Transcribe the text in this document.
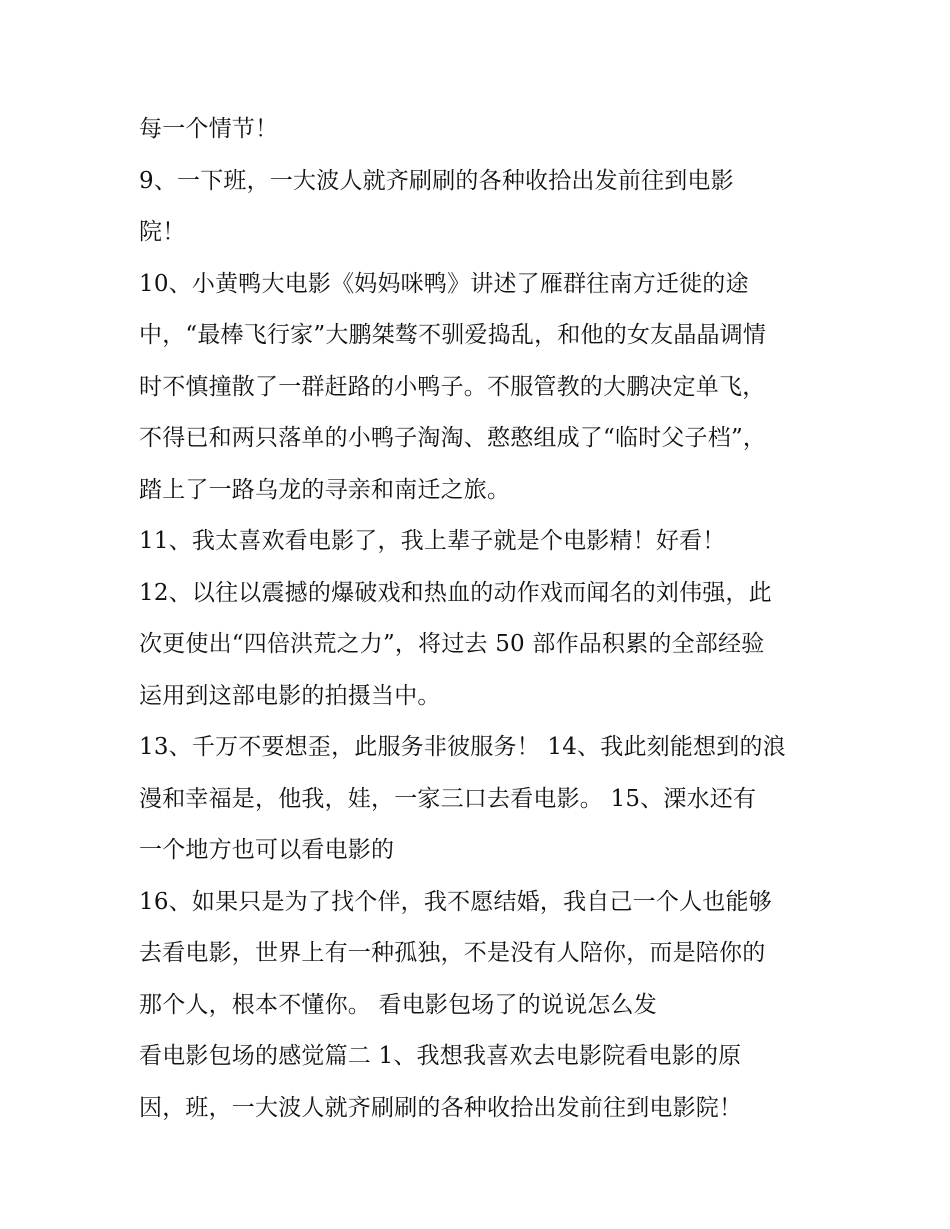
每一个情节！
9、一下班，一大波人就齐刷刷的各种收拾出发前往到电影
院！
10、小黄鸭大电影《妈妈咪鸭》讲述了雁群往南方迁徙的途
中，“最棒飞行家”大鹏桀骜不驯爱捣乱，和他的女友晶晶调情
时不慎撞散了一群赶路的小鸭子。不服管教的大鹏决定单飞，
不得已和两只落单的小鸭子淘淘、憨憨组成了“临时父子档”，
踏上了一路乌龙的寻亲和南迁之旅。
11、我太喜欢看电影了，我上辈子就是个电影精！好看！
12、以往以震撼的爆破戏和热血的动作戏而闻名的刘伟强，此
次更使出“四倍洪荒之力”，将过去 50 部作品积累的全部经验
运用到这部电影的拍摄当中。
13、千万不要想歪，此服务非彼服务！ 14、我此刻能想到的浪
漫和幸福是，他我，娃，一家三口去看电影。 15、溧水还有
一个地方也可以看电影的
16、如果只是为了找个伴，我不愿结婚，我自己一个人也能够
去看电影，世界上有一种孤独，不是没有人陪你，而是陪你的
那个人，根本不懂你。 看电影包场了的说说怎么发
看电影包场的感觉篇二 1、我想我喜欢去电影院看电影的原
因，班，一大波人就齐刷刷的各种收拾出发前往到电影院！
